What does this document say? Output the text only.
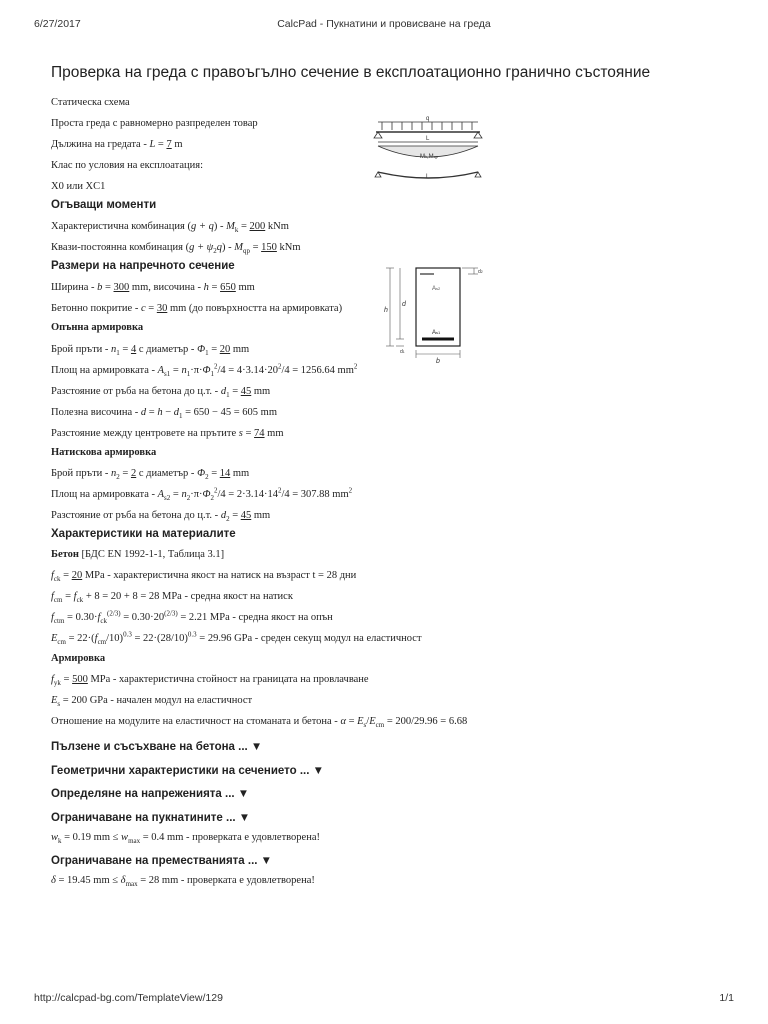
6/27/2017	CalcPad - Пукнатини и провисване на греда
Проверка на греда с правоъгълно сечение в експлоатационно гранично състояние
Статическа схема
Проста греда с равномерно разпределен товар
Дължина на гредата - L = 7 m
Клас по условия на експлоатация:
X0 или XC1
q
L
Mk,Mqp
L
Огъващи моменти
Характеристична комбинация $(g + q) - M_k = 200$ kNm
Квази-постоянна комбинация $(g + \psi_2q) - M_{qp} = 150$ kNm
Размери на напречното сечение
Ширина - b = 300 mm, височина - h = 650 mm
Бетонно покритие - c = 30 mm (до повърхността на армировката)
As2
As1
b
h
d
d1
d2
Опънна армировка
Брой пръти - $n_1 = 4$ с диаметър - $\Phi_1 = 20$ mm
Площ на армировката - $A_{s1} = n_1\cdot\pi\cdot\Phi_1^2/4 = 4\cdot 3.14\cdot 20^2/4 = 1256.64$ $mm^2$
Разстояние от ръба на бетона до ц.т. - $d_1 = 45$ mm
Полезна височина - $d = h - d_1 = 650 - 45 = 605$ mm
Разстояние между центровете на прътите s = 74 mm
Натискова армировка
Брой пръти - $n_2 = 2$ с диаметър - $\Phi_2 = 14$ mm
Площ на армировката - $A_{s2} = n_2\cdot\pi\cdot\Phi_2^2/4 = 2\cdot 3.14\cdot 14^2/4 = 307.88$ $mm^2$
Разстояние от ръба на бетона до ц.т. - $d_2 = 45$ mm
Характеристики на материалите
Бетон [БДС EN 1992-1-1, Таблица 3.1]
$f_{ck} = 20$ MPa - характеристична якост на натиск на възраст t = 28 дни
$f_{cm} = f_{ck} + 8 = 20 + 8 = 28$ MPa - средна якост на натиск
$f_{ctm} = 0.30\cdot f_{ck}^{(2/3)} = 0.30\cdot 20^{(2/3)} = 2.21$ MPa - средна якост на опън
$E_{cm} = 22\cdot(f_{cm}/10)^{0.3} = 22\cdot(28/10)^{0.3} = 29.96$ GPa - среден секущ модул на еластичност
Армировка
$f_{yk} = 500$ MPa - характеристична стойност на границата на провлачване
$E_s = 200$ GPa - начален модул на еластичност
Отношение на модулите на еластичност на стоманата и бетона - $\alpha = E_s/E_{cm} = 200/29.96 = 6.68$
Пълзене и съсъхване на бетона ... ▼
Геометрични характеристики на сечението ... ▼
Определяне на напреженията ... ▼
Ограничаване на пукнатините ... ▼
$w_k = 0.19$ mm ≤ $w_{max} = 0.4$ mm - проверката е удовлетворена!
Ограничаване на преместванията ... ▼
δ = 19.45 mm ≤ $\delta_{max} = 28$ mm - проверката е удовлетворена!
http://calcpad-bg.com/TemplateView/129	1/1
